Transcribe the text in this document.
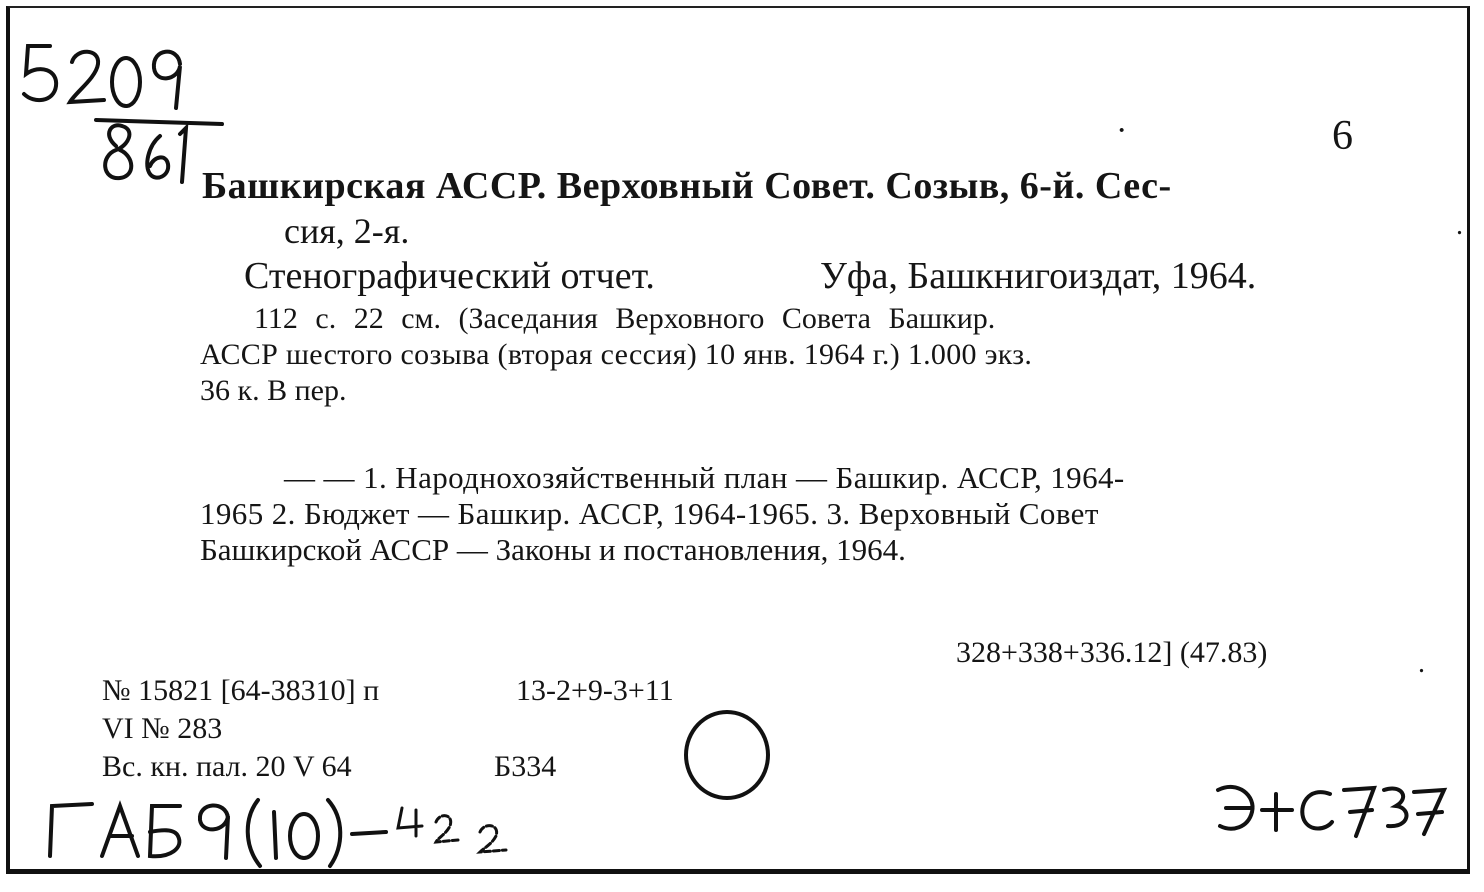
6
·
Башкирская АССР. Верховный Совет. Созыв, 6-й. Сес-
сия, 2-я.
Стенографический отчет.	Уфа, Башкнигоиздат, 1964.
112 с. 22 см. (Заседания Верховного Совета Башкир.
АССР шестого созыва (вторая сессия) 10 янв. 1964 г.) 1.000 экз.
36 к. В пер.
— — 1. Народнохозяйственный план — Башкир. АССР, 1964-
1965 2. Бюджет — Башкир. АССР, 1964-1965. 3. Верховный Совет
Башкирской АССР — Законы и постановления, 1964.
328+338+336.12] (47.83)
№ 15821 [64-38310] п	13-2+9-3+11
VI № 283
Вс. кн. пал. 20 V 64	Б334
.
.
